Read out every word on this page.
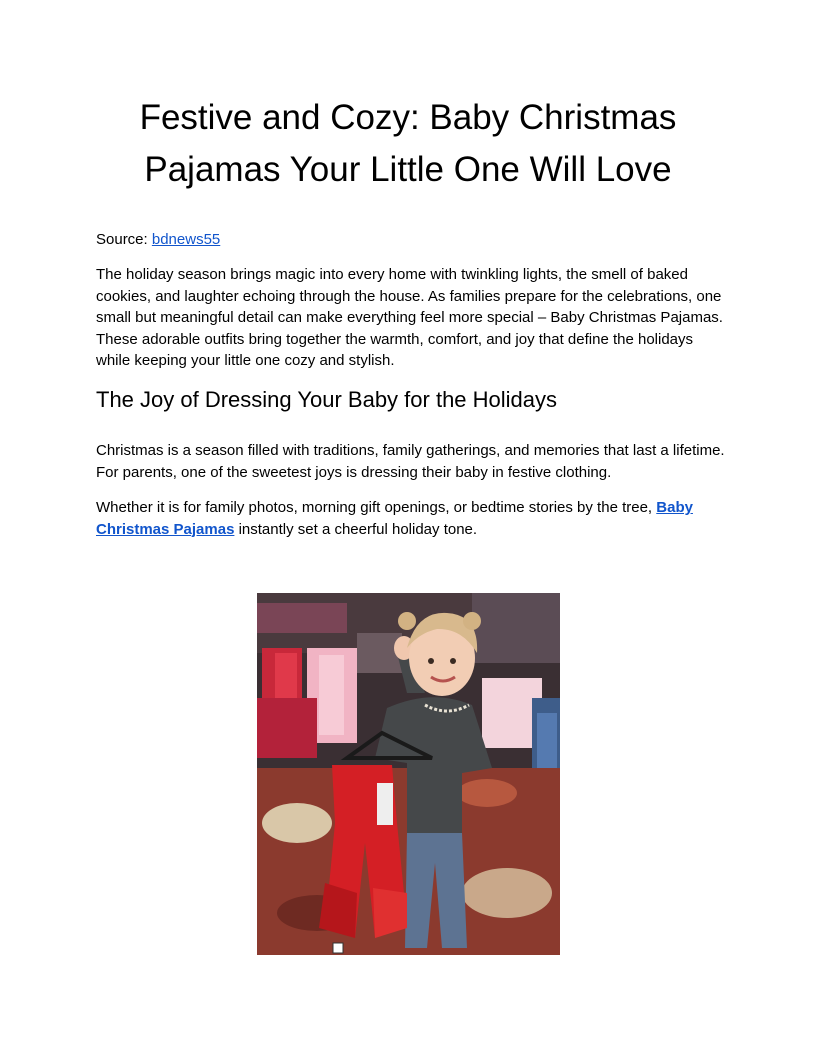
Festive and Cozy: Baby Christmas
Pajamas Your Little One Will Love

Source: bdnews55

The holiday season brings magic into every home with twinkling lights, the smell of baked cookies, and laughter echoing through the house. As families prepare for the celebrations, one small but meaningful detail can make everything feel more special – Baby Christmas Pajamas. These adorable outfits bring together the warmth, comfort, and joy that define the holidays while keeping your little one cozy and stylish.

The Joy of Dressing Your Baby for the Holidays

Christmas is a season filled with traditions, family gatherings, and memories that last a lifetime. For parents, one of the sweetest joys is dressing their baby in festive clothing.

Whether it is for family photos, morning gift openings, or bedtime stories by the tree, Baby Christmas Pajamas instantly set a cheerful holiday tone.
